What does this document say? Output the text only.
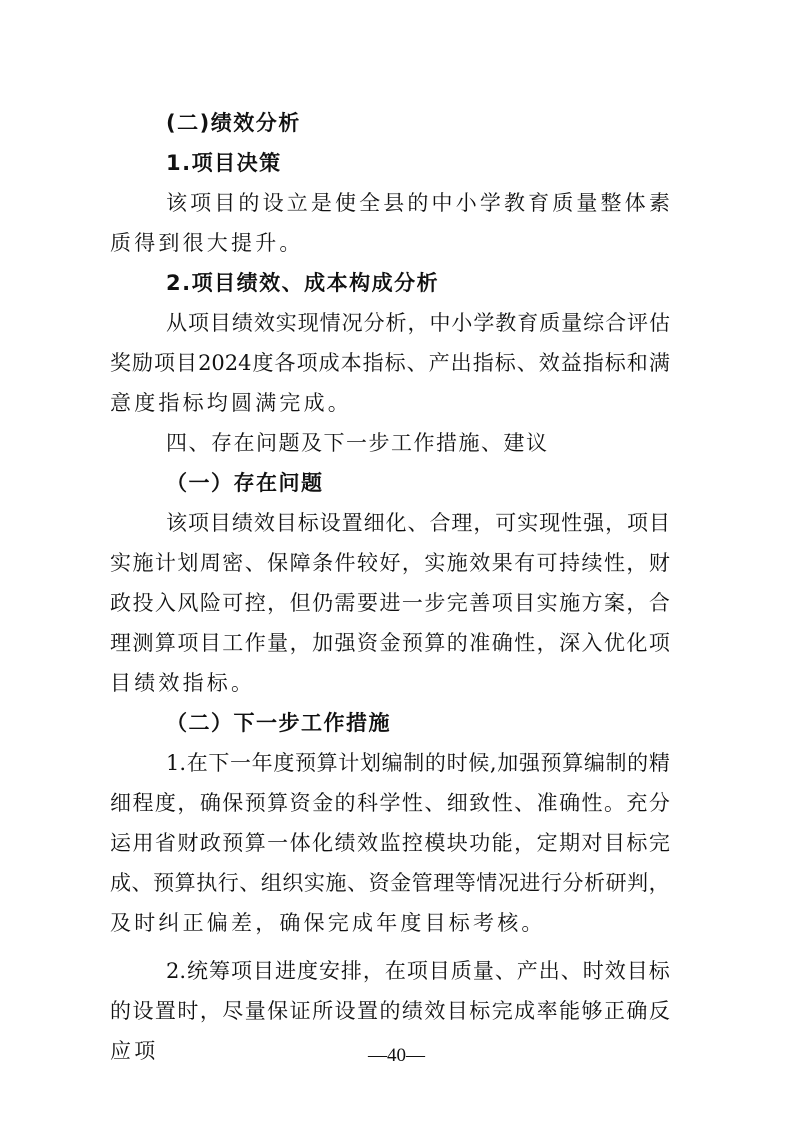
(二)绩效分析
1.项目决策
该 项 目 的 设 立 是 使 全 县 的 中 小 学 教 育 质 量 整 体 素
质得到很大提升。
2.项目绩效、成本构成分析
从 项 目 绩 效 实 现 情 况 分 析 ， 中 小 学 教 育 质 量 综 合 评 估
奖 励 项 目 2024 度 各 项 成 本 指 标 、 产 出 指 标 、 效 益 指 标 和 满
意度指标均圆满完成。
四、存在问题及下一步工作措施、建议
（一）存在问题
该 项 目 绩 效 目 标 设 置 细 化 、 合 理 ， 可 实 现 性 强 ， 项 目
实 施 计 划 周 密 、 保 障 条 件 较 好 ， 实 施 效 果 有 可 持 续 性 ， 财
政 投 入 风 险 可 控 ， 但 仍 需 要 进 一 步 完 善 项 目 实 施 方 案 ， 合
理 测 算 项 目 工 作 量 ， 加 强 资 金 预 算 的 准 确 性 ， 深 入 优 化 项
目绩效指标。
（二）下一步工作措施
1. 在 下 一 年 度 预 算 计 划 编 制 的 时 候 , 加 强 预 算 编 制 的 精
细 程 度 ， 确 保 预 算 资 金 的 科 学 性 、 细 致 性 、 准 确 性 。 充 分
运 用 省 财 政 预 算 一 体 化 绩 效 监 控 模 块 功 能 ， 定 期 对 目 标 完
成 、 预 算 执 行 、 组 织 实 施 、 资 金 管 理 等 情 况 进 行 分 析 研 判 ，
及时纠正偏差，确保完成年度目标考核。
2. 统 筹 项 目 进 度 安 排 ， 在 项 目 质 量 、 产 出 、 时 效 目 标
的 设 置 时 ， 尽 量 保 证 所 设 置 的 绩 效 目 标 完 成 率 能 够 正 确 反
应项	—40—
